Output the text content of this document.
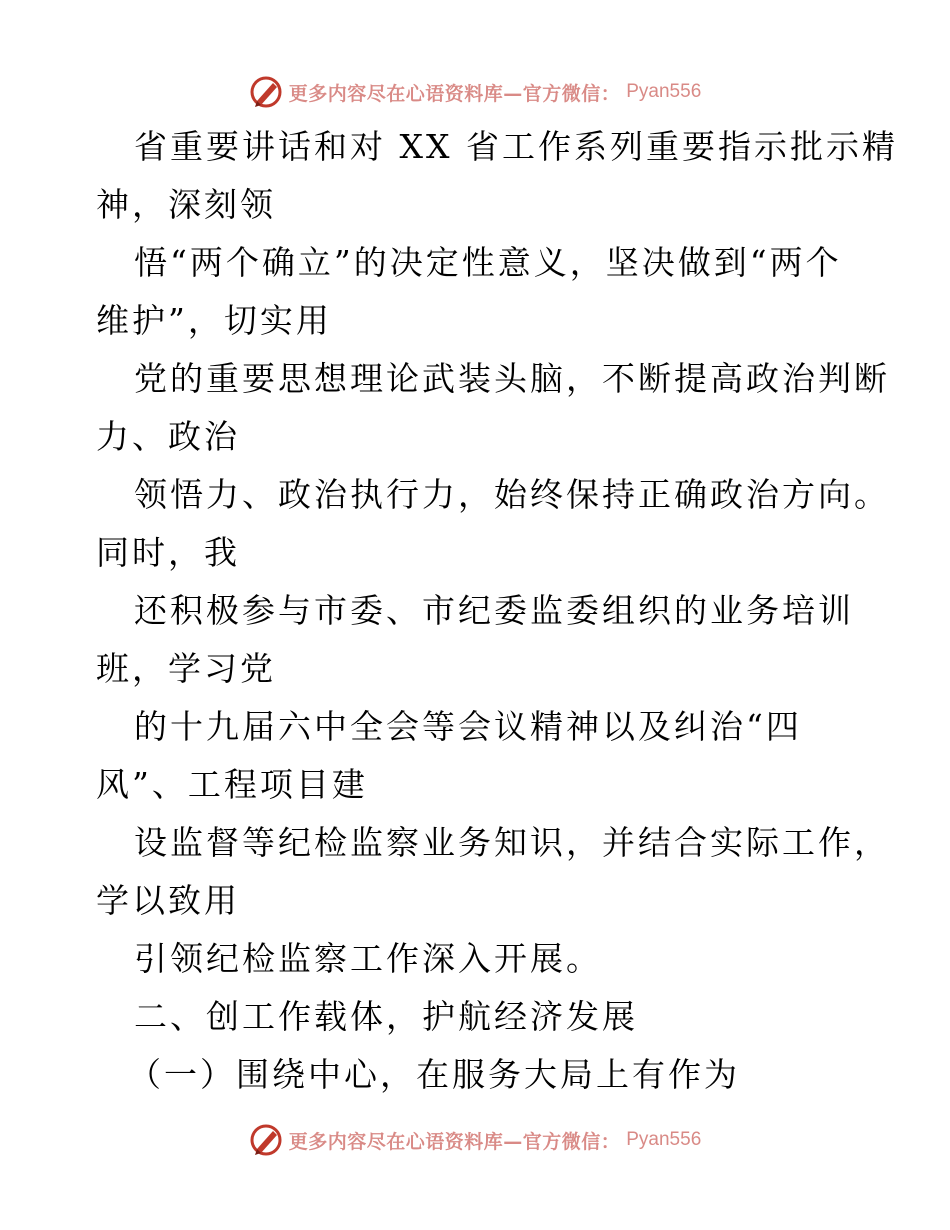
更多内容尽在心语资料库—官方微信： Pyan556
省重要讲话和对 XX 省工作系列重要指示批示精
神，深刻领
悟“两个确立”的决定性意义，坚决做到“两个
维护”，切实用
党的重要思想理论武装头脑，不断提高政治判断
力、政治
领悟力、政治执行力，始终保持正确政治方向。
同时，我
还积极参与市委、市纪委监委组织的业务培训
班，学习党
的十九届六中全会等会议精神以及纠治“四
风”、工程项目建
设监督等纪检监察业务知识，并结合实际工作，
学以致用
引领纪检监察工作深入开展。
二、创工作载体，护航经济发展
（一）围绕中心，在服务大局上有作为
更多内容尽在心语资料库—官方微信： Pyan556
